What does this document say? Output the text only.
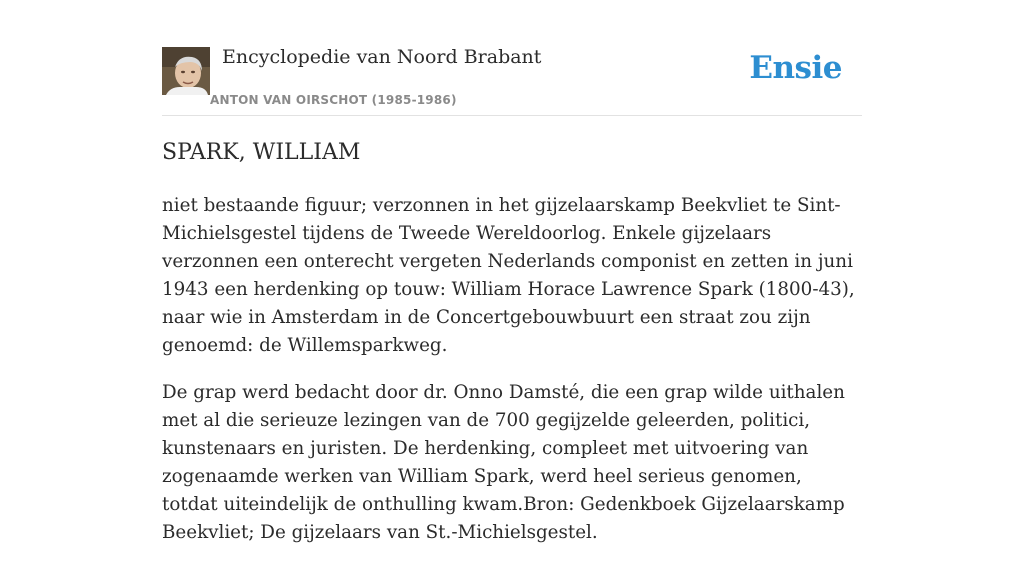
Encyclopedie van Noord Brabant
ANTON VAN OIRSCHOT (1985-1986)
Ensie
SPARK, WILLIAM

niet bestaande figuur; verzonnen in het gijzelaarskamp Beekvliet te Sint-Michielsgestel tijdens de Tweede Wereldoorlog. Enkele gijzelaars verzonnen een onterecht vergeten Nederlands componist en zetten in juni 1943 een herdenking op touw: William Horace Lawrence Spark (1800-43), naar wie in Amsterdam in de Concertgebouwbuurt een straat zou zijn genoemd: de Willemsparkweg.

De grap werd bedacht door dr. Onno Damsté, die een grap wilde uithalen met al die serieuze lezingen van de 700 gegijzelde geleerden, politici, kunstenaars en juristen. De herdenking, compleet met uitvoering van zogenaamde werken van William Spark, werd heel serieus genomen, totdat uiteindelijk de onthulling kwam.Bron: Gedenkboek Gijzelaarskamp Beekvliet; De gijzelaars van St.-Michielsgestel.
